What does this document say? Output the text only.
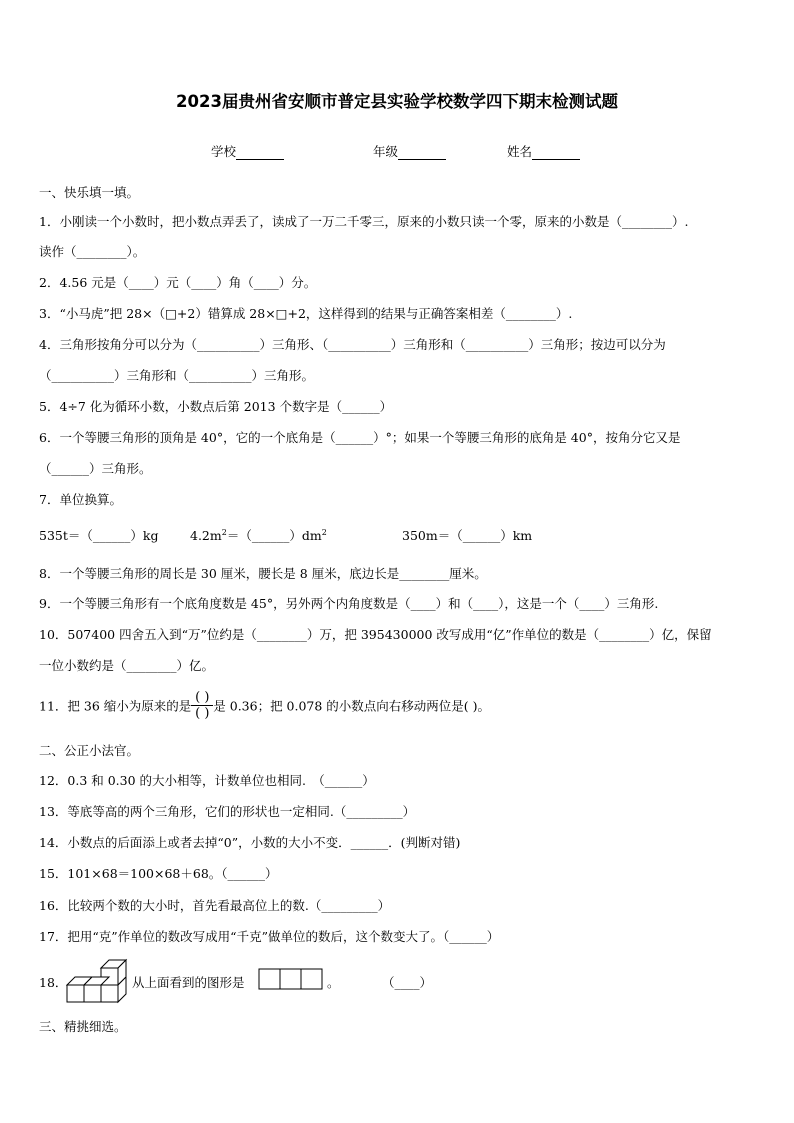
2023届贵州省安顺市普定县实验学校数学四下期末检测试题
学校	年级	姓名
一、快乐填一填。
1．小刚读一个小数时，把小数点弄丢了，读成了一万二千零三，原来的小数只读一个零，原来的小数是（________）.
读作（________）。
2．4.56 元是（____）元（____）角（____）分。
3．“小马虎”把 28×（□+2）错算成 28×□+2，这样得到的结果与正确答案相差（________）.
4．三角形按角分可以分为（__________）三角形、（__________）三角形和（__________）三角形；按边可以分为
（__________）三角形和（__________）三角形。
5．4÷7 化为循环小数，小数点后第 2013 个数字是（______）
6．一个等腰三角形的顶角是 40°，它的一个底角是（______）°；如果一个等腰三角形的底角是 40°，按角分它又是
（______）三角形。
7．单位换算。
535t＝（______）kg	$4.2m^2=(\_\_\_\_\_\_)dm^2$	350m＝（______）km
8．一个等腰三角形的周长是 30 厘米，腰长是 8 厘米，底边长是________厘米。
9．一个等腰三角形有一个底角度数是 45°，另外两个内角度数是（____）和（____），这是一个（____）三角形.
10．507400 四舍五入到“万”位约是（________）万，把 395430000 改写成用“亿”作单位的数是（________）亿，保留
一位小数约是（________）亿。
11．把 36 缩小为原来的是 $\frac{( )}{( )}$ 是 0.36；把 0.078 的小数点向右移动两位是( )。
二、公正小法官。
12．0.3 和 0.30 的大小相等，计数单位也相同.　（______）
13．等底等高的两个三角形，它们的形状也一定相同.（_________）
14．小数点的后面添上或者去掉“0”，小数的大小不变．______．(判断对错)
15．101×68＝100×68＋68。（______）
16．比较两个数的大小时，首先看最高位上的数.（_________）
17．把用“克”作单位的数改写成用“千克”做单位的数后，这个数变大了。（______）
18．	从上面看到的图形是	。	（____）
三、精挑细选。
